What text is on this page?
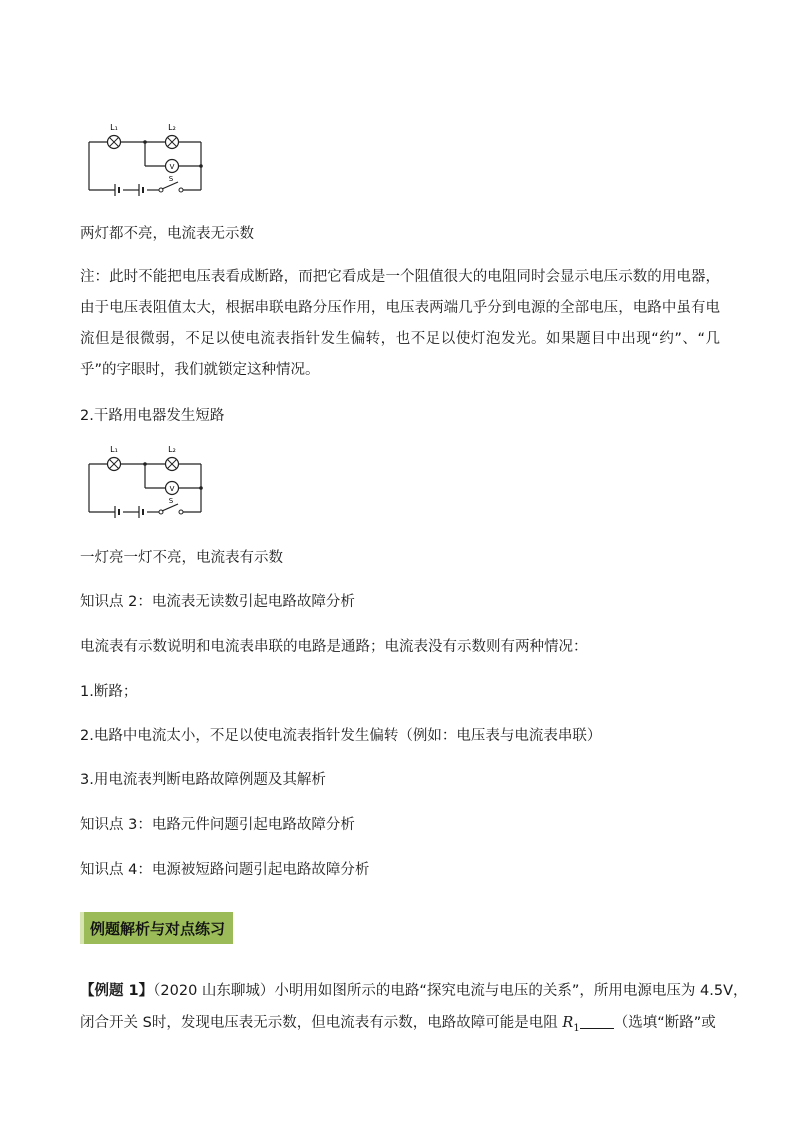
V
L₁	L₂
S
两灯都不亮，电流表无示数
注：此时不能把电压表看成断路，而把它看成是一个阻值很大的电阻同时会显示电压示数的用电器，由于电压表阻值太大，根据串联电路分压作用，电压表两端几乎分到电源的全部电压，电路中虽有电流但是很微弱，不足以使电流表指针发生偏转，也不足以使灯泡发光。如果题目中出现“约”、“几乎”的字眼时，我们就锁定这种情况。
2.干路用电器发生短路
V
L₁	L₂
S
一灯亮一灯不亮，电流表有示数
知识点 2：电流表无读数引起电路故障分析
电流表有示数说明和电流表串联的电路是通路；电流表没有示数则有两种情况：
1.断路；
2.电路中电流太小，不足以使电流表指针发生偏转（例如：电压表与电流表串联）
3.用电流表判断电路故障例题及其解析
知识点 3：电路元件问题引起电路故障分析
知识点 4：电源被短路问题引起电路故障分析
例题解析与对点练习
【例题 1】（2020 山东聊城）小明用如图所示的电路“探究电流与电压的关系”，所用电源电压为 4.5V，
闭合开关 S时，发现电压表无示数，但电流表有示数，电路故障可能是电阻 $R_1$ （选填“断路”或
